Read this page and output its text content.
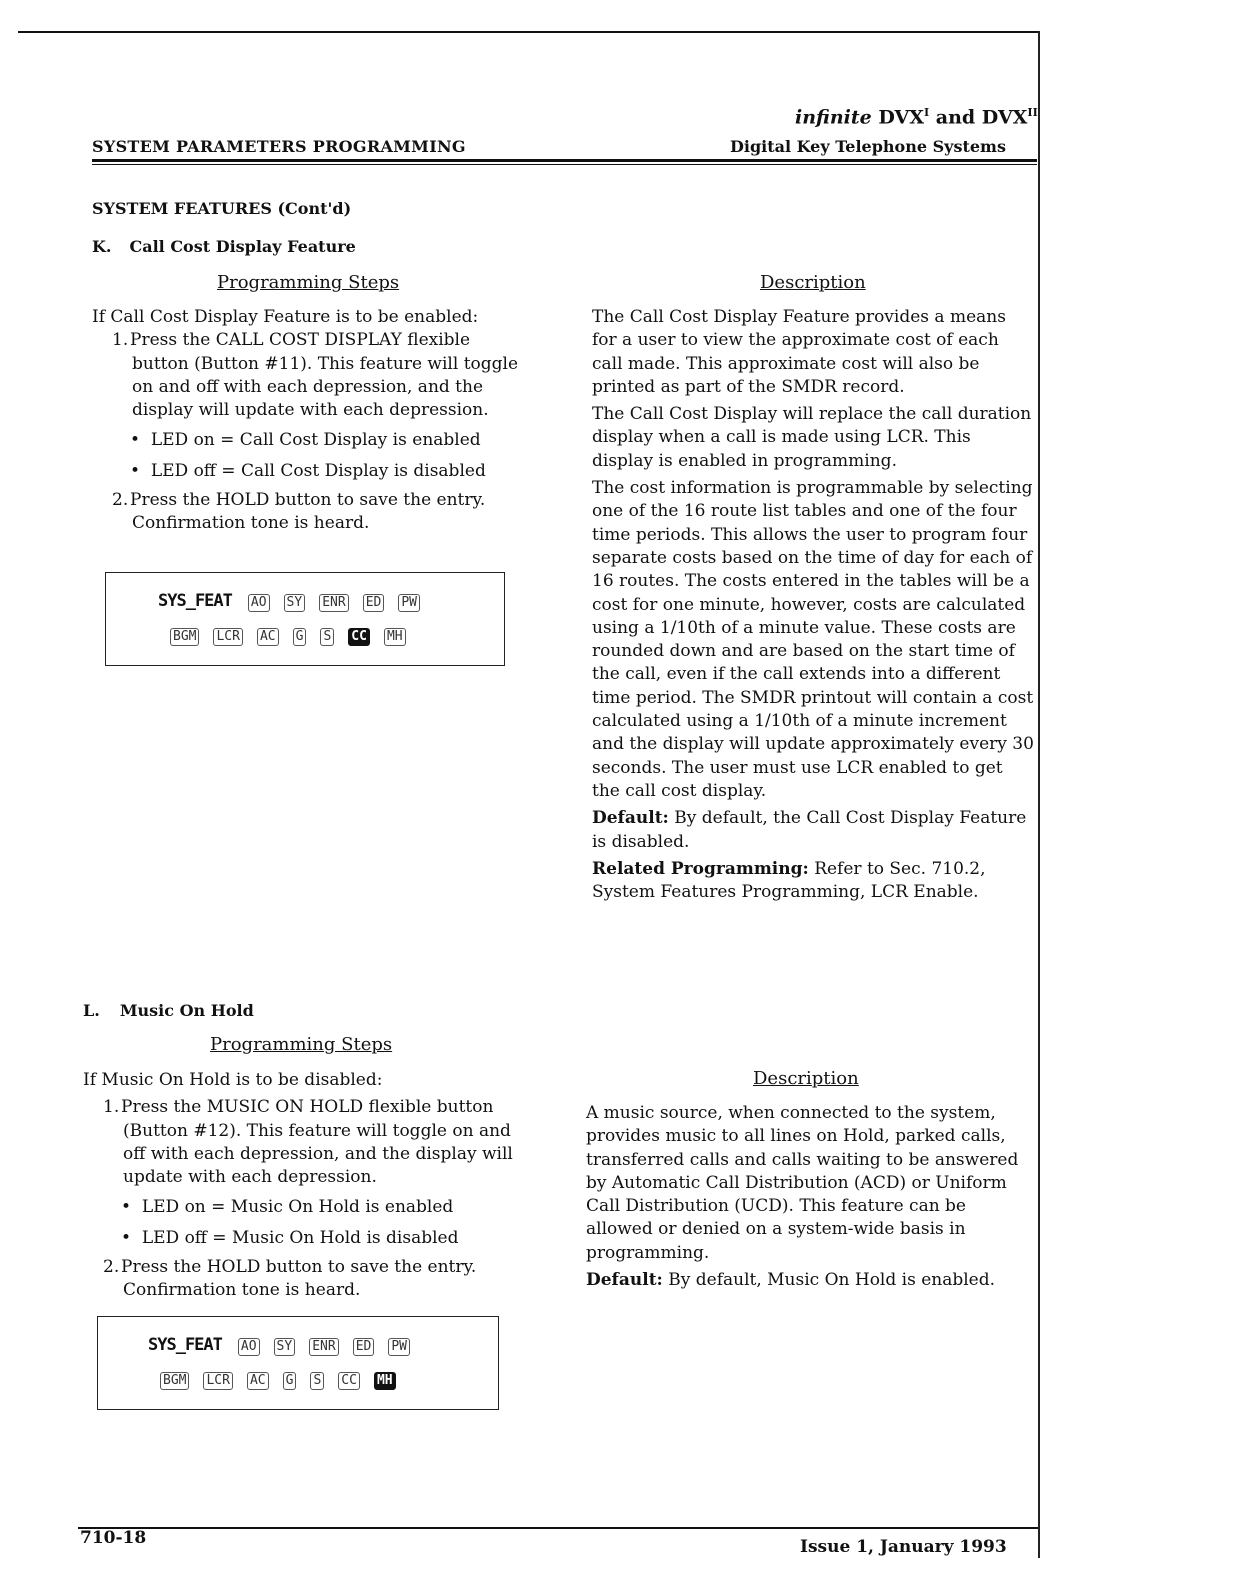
infinite $DVX^I$ and $DVX^{II}$
SYSTEM PARAMETERS PROGRAMMING	Digital Key Telephone Systems
SYSTEM FEATURES (Cont'd)
K. Call Cost Display Feature
Programming Steps	Description

If Call Cost Display Feature is to be enabled:

1. Press the CALL COST DISPLAY flexible button (Button #11). This feature will toggle on and off with each depression, and the display will update with each depression.

•  LED on = Call Cost Display is enabled

•  LED off = Call Cost Display is disabled

2. Press the HOLD button to save the entry. Confirmation tone is heard.

SYS_FEAT AO SY ENR ED PW
BGM LCR AC G S CC MH

The Call Cost Display Feature provides a means for a user to view the approximate cost of each call made. This approximate cost will also be printed as part of the SMDR record.

The Call Cost Display will replace the call duration display when a call is made using LCR. This display is enabled in programming.

The cost information is programmable by selecting one of the 16 route list tables and one of the four time periods. This allows the user to program four separate costs based on the time of day for each of 16 routes. The costs entered in the tables will be a cost for one minute, however, costs are calculated using a 1/10th of a minute value. These costs are rounded down and are based on the start time of the call, even if the call extends into a different time period. The SMDR printout will contain a cost calculated using a 1/10th of a minute increment and the display will update approximately every 30 seconds. The user must use LCR enabled to get the call cost display.

Default: By default, the Call Cost Display Feature is disabled.

Related Programming: Refer to Sec. 710.2, System Features Programming, LCR Enable.

L. Music On Hold
Programming Steps
Description

If Music On Hold is to be disabled:

1. Press the MUSIC ON HOLD flexible button (Button #12). This feature will toggle on and off with each depression, and the display will update with each depression.

•  LED on = Music On Hold is enabled

•  LED off = Music On Hold is disabled

2. Press the HOLD button to save the entry. Confirmation tone is heard.

SYS_FEAT AO SY ENR ED PW
BGM LCR AC G S CC MH

A music source, when connected to the system, provides music to all lines on Hold, parked calls, transferred calls and calls waiting to be answered by Automatic Call Distribution (ACD) or Uniform Call Distribution (UCD). This feature can be allowed or denied on a system-wide basis in programming.

Default: By default, Music On Hold is enabled.

710-18	Issue 1, January 1993
